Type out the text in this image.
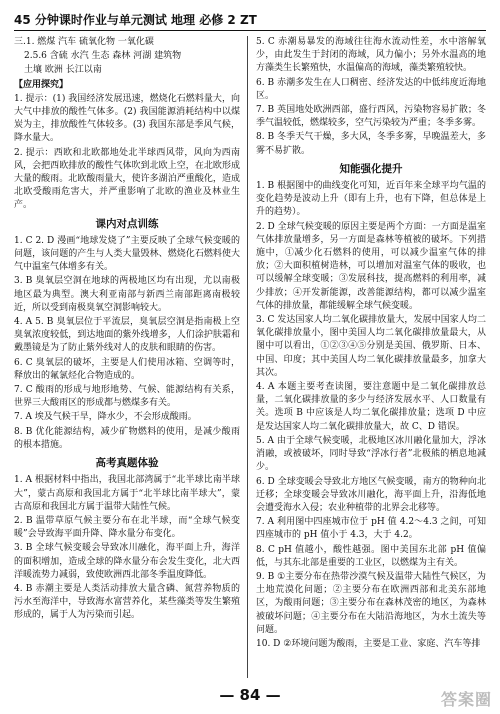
45 分钟课时作业与单元测试 地理 必修 2 ZT

三.1. 燃煤 汽车 硫氧化物 一氧化碳

2.5.6 含硫 水汽 生态 森林 河湖 建筑物

土壤 欧洲 长江以南

【应用探究】

1. 提示：(1) 我国经济发展迅速，燃烧化石燃料量大，向大气中排放的酸性气体多。(2) 我国能源消耗结构中以煤炭为主，排放酸性气体较多。(3) 我国东部是季风气候，降水量大。

2. 提示：西欧和北欧都地处北半球西风带，风向为西南风，会把西欧排放的酸性气体吹到北欧上空，在北欧形成大量的酸雨。北欧酸雨量大，使许多湖泊严重酸化，造成北欧受酸雨危害大，并严重影响了北欧的渔业及林业生产。

课内对点训练

1. C 2. D 漫画“地球发烧了”主要反映了全球气候变暖的问题，该问题的产生与人类大量毁林、燃烧化石燃料使大气中温室气体增多有关。

3. B 臭氧层空洞在地球的两极地区均有出现，尤以南极地区最为典型。澳大利亚南部与新西兰南部距离南极较近，所以受到南极臭氧空洞影响较大。

4. A 5. B 臭氧层位于平流层，臭氧层空洞是指南极上空臭氧浓度较低，到达地面的紫外线增多，人们涂护肤霜和戴墨镜是为了防止紫外线对人的皮肤和眼睛的伤害。

6. C 臭氧层的破坏，主要是人们使用冰箱、空调等时，释放出的氟氯烃化合物造成的。

7. C 酸雨的形成与地形地势、气候、能源结构有关系，世界三大酸雨区的形成都与燃煤多有关。

7. A 埃及气候干旱，降水少，不会形成酸雨。

8. B 优化能源结构，减少矿物燃料的使用，是减少酸雨的根本措施。

高考真题体验

1. A 根据材料中指出，我国北部湾属于“北半球比南半球大”，蒙古高原和我国北方属于“北半球比南半球大”，蒙古高原和我国北方属于温带大陆性气候。

2. B 温带草原气候主要分布在北半球，而“全球气候变暖”会导致海平面升降、降水量分布变化。

3. B 全球气候变暖会导致冰川融化，海平面上升，海洋的面积增加，造成全球的降水量分布会发生变化，北大西洋暖流势力减弱，致使欧洲西北部冬季温度降低。

4. B 赤潮主要是人类活动排放大量含磷、氮营养物质的污水至海洋中，导致海水富营养化，某些藻类等发生繁殖形成的，属于人为污染而引起。

5. C 赤潮易暴发的海域往往海水流动性差，水中溶解氧少，由此发生于封闭的海域，风力偏小；另外水温高的地方藻类生长繁殖快，水温偏高的海域，藻类繁殖较快。

6. B 赤潮多发生在人口稠密、经济发达的中低纬度近海地区。

7. B 英国地处欧洲西部，盛行西风，污染物容易扩散；冬季气温较低，燃煤较多，空气污染较为严重；冬季多雾。

8. B 冬季天气干燥，多大风，冬季多雾，早晚温差大，多雾不易扩散。

知能强化提升

1. B 根据图中的曲线变化可知，近百年来全球平均气温的变化趋势是波动上升（即有上升，也有下降，但总体是上升的趋势）。

2. D 全球气候变暖的原因主要是两个方面：一方面是温室气体排放量增多，另一方面是森林等植被的破坏。下列措施中，①减少化石燃料的使用，可以减少温室气体的排放；②大面积植树造林，可以增加对温室气体的吸收，也可以缓解全球变暖；③发展科技，提高燃料的利用率，减少排放；④开发新能源，改善能源结构，都可以减少温室气体的排放量，都能缓解全球气候变暖。

3. C 发达国家人均二氧化碳排放量大，发展中国家人均二氧化碳排放量小，图中美国人均二氧化碳排放量最大，从图中可以看出，①②③④⑤分别是美国、俄罗斯、日本、中国、印度；其中美国人均二氧化碳排放量最多，加拿大其次。

4. A 本题主要考查读图，要注意题中是二氧化碳排放总量，二氧化碳排放量的多少与经济发展水平、人口数量有关。选项 B 中应该是人均二氧化碳排放量；选项 D 中应是发达国家人均二氧化碳排放量大，故 C、D 错误。

5. A 由于全球气候变暖，北极地区冰川融化量加大，浮冰消融，或被破坏，同时导致“浮冰行者”北极熊的栖息地减少。

6. D 全球变暖会导致北方地区气候变暖，南方的物种向北迁移；全球变暖会导致冰川融化，海平面上升，沿海低地会遭受海水入侵；农业种植带的北界会北移等。

7. A 利用图中四座城市位于 pH 值 4.2～4.3 之间，可知四座城市的 pH 值小于 4.3，大于 4.2。

8. C pH 值越小，酸性越强。图中美国东北部 pH 值偏低，与其东北部是重要的工业区，以燃煤为主有关。

9. B ①主要分布在热带沙漠气候及温带大陆性气候区，为土地荒漠化问题；②主要分布在欧洲西部和北美东部地区，为酸雨问题；③主要分布在森林茂密的地区，为森林被破坏问题；④主要分布在大陆沿海地区，为水土流失等问题。

10. D ②环境问题为酸雨，主要是工业、家庭、汽车等排

— 84 —	答案圈
